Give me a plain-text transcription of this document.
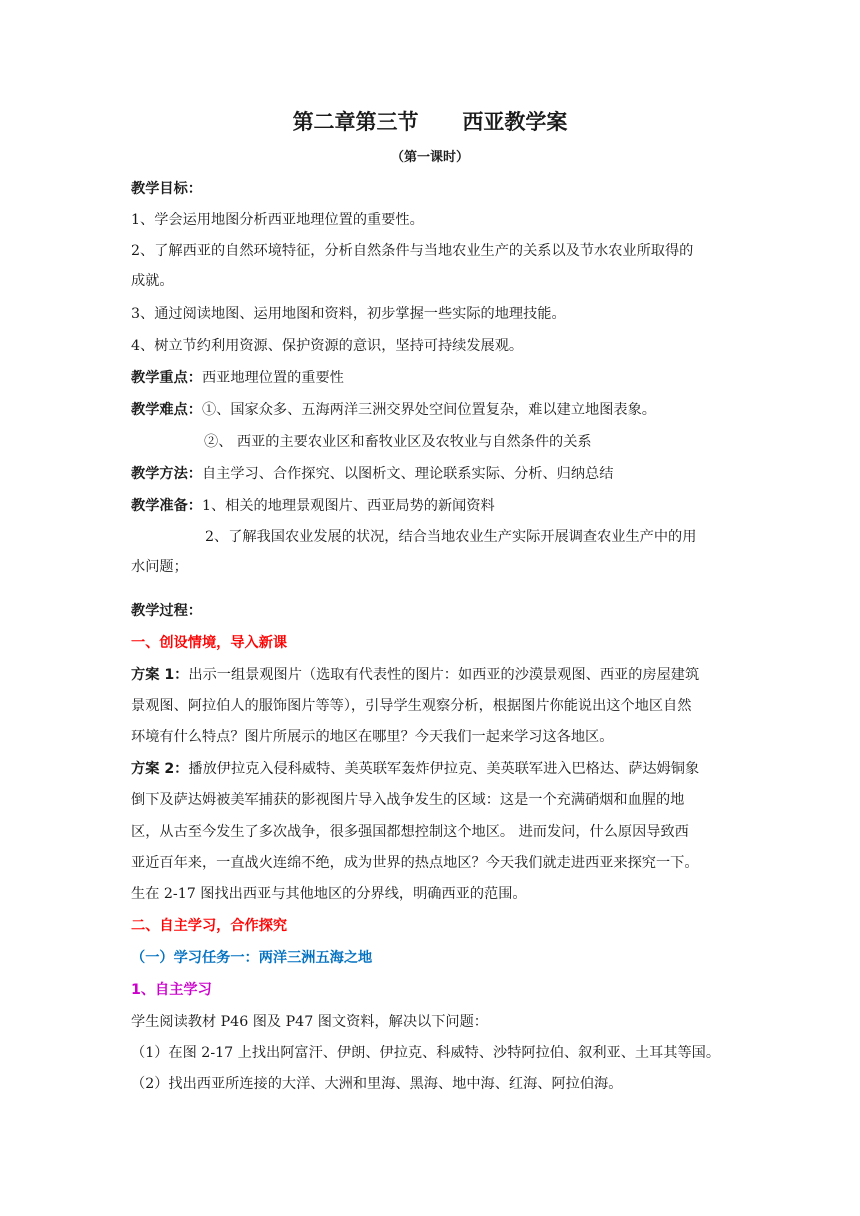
第二章第三节      西亚教学案
（第一课时）
教学目标：
1、学会运用地图分析西亚地理位置的重要性。
2、了解西亚的自然环境特征，分析自然条件与当地农业生产的关系以及节水农业所取得的
成就。
3、通过阅读地图、运用地图和资料，初步掌握一些实际的地理技能。
4、树立节约利用资源、保护资源的意识，坚持可持续发展观。
教学重点：西亚地理位置的重要性
教学难点：①、国家众多、五海两洋三洲交界处空间位置复杂，难以建立地图表象。
②、 西亚的主要农业区和畜牧业区及农牧业与自然条件的关系
教学方法：自主学习、合作探究、以图析文、理论联系实际、分析、归纳总结
教学准备：1、相关的地理景观图片、西亚局势的新闻资料
2、了解我国农业发展的状况，结合当地农业生产实际开展调查农业生产中的用
水问题；
教学过程：
一、创设情境，导入新课
方案 1：出示一组景观图片（选取有代表性的图片：如西亚的沙漠景观图、西亚的房屋建筑
景观图、阿拉伯人的服饰图片等等），引导学生观察分析，根据图片你能说出这个地区自然
环境有什么特点？图片所展示的地区在哪里？今天我们一起来学习这各地区。
方案 2：播放伊拉克入侵科威特、美英联军轰炸伊拉克、美英联军进入巴格达、萨达姆铜象
倒下及萨达姆被美军捕获的影视图片导入战争发生的区域：这是一个充满硝烟和血腥的地
区，从古至今发生了多次战争，很多强国都想控制这个地区。 进而发问，什么原因导致西
亚近百年来，一直战火连绵不绝，成为世界的热点地区？今天我们就走进西亚来探究一下。
生在 2-17 图找出西亚与其他地区的分界线，明确西亚的范围。
二、自主学习，合作探究
（一）学习任务一：两洋三洲五海之地
1、自主学习
学生阅读教材 P46 图及 P47 图文资料，解决以下问题：
（1）在图 2-17 上找出阿富汗、伊朗、伊拉克、科威特、沙特阿拉伯、叙利亚、土耳其等国。
（2）找出西亚所连接的大洋、大洲和里海、黑海、地中海、红海、阿拉伯海。
